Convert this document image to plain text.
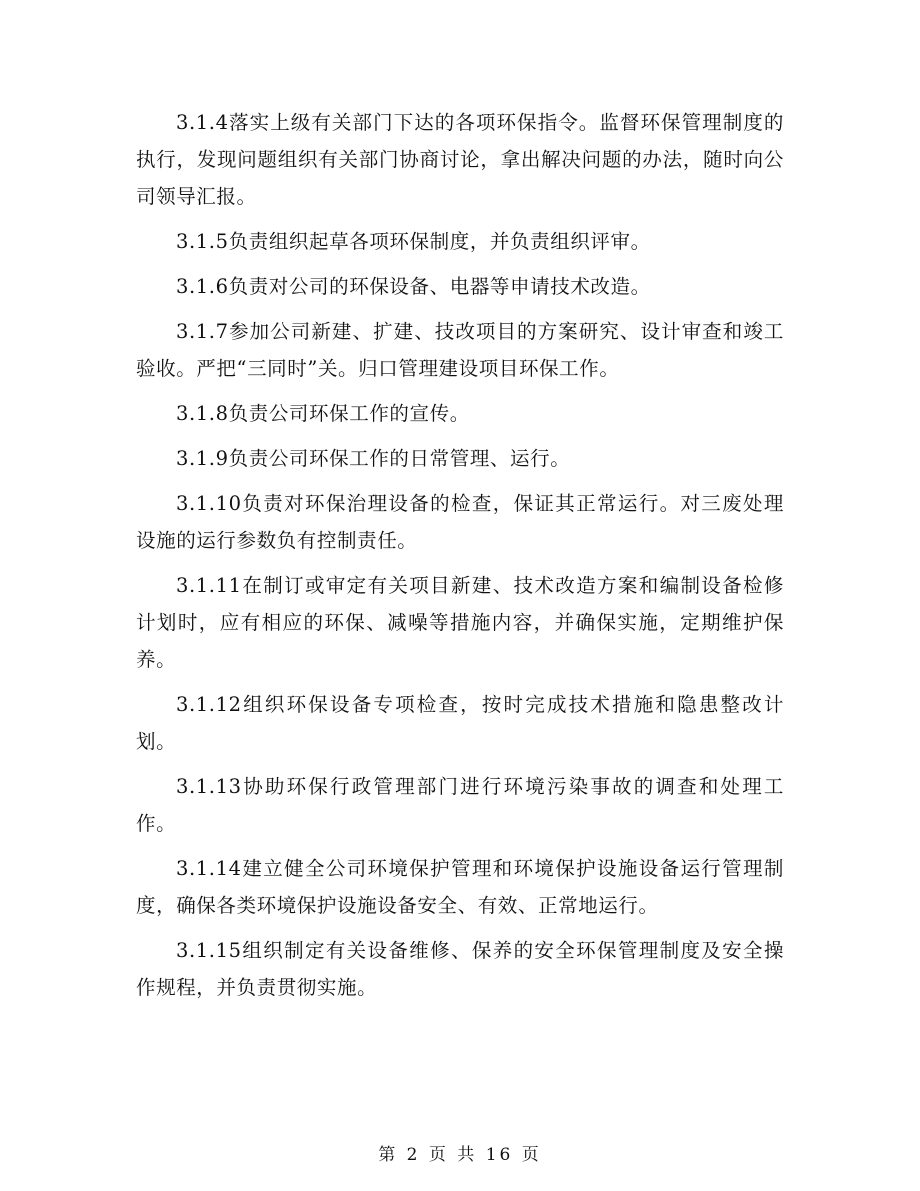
3.1.4落实上级有关部门下达的各项环保指令。监督环保管理制度的执行，发现问题组织有关部门协商讨论，拿出解决问题的办法，随时向公司领导汇报。

3.1.5负责组织起草各项环保制度，并负责组织评审。

3.1.6负责对公司的环保设备、电器等申请技术改造。

3.1.7参加公司新建、扩建、技改项目的方案研究、设计审查和竣工验收。严把“三同时”关。归口管理建设项目环保工作。

3.1.8负责公司环保工作的宣传。

3.1.9负责公司环保工作的日常管理、运行。

3.1.10负责对环保治理设备的检查，保证其正常运行。对三废处理设施的运行参数负有控制责任。

3.1.11在制订或审定有关项目新建、技术改造方案和编制设备检修计划时，应有相应的环保、减噪等措施内容，并确保实施，定期维护保养。

3.1.12组织环保设备专项检查，按时完成技术措施和隐患整改计划。

3.1.13协助环保行政管理部门进行环境污染事故的调查和处理工作。

3.1.14建立健全公司环境保护管理和环境保护设施设备运行管理制度，确保各类环境保护设施设备安全、有效、正常地运行。

3.1.15组织制定有关设备维修、保养的安全环保管理制度及安全操作规程，并负责贯彻实施。

第 2 页 共 16 页
